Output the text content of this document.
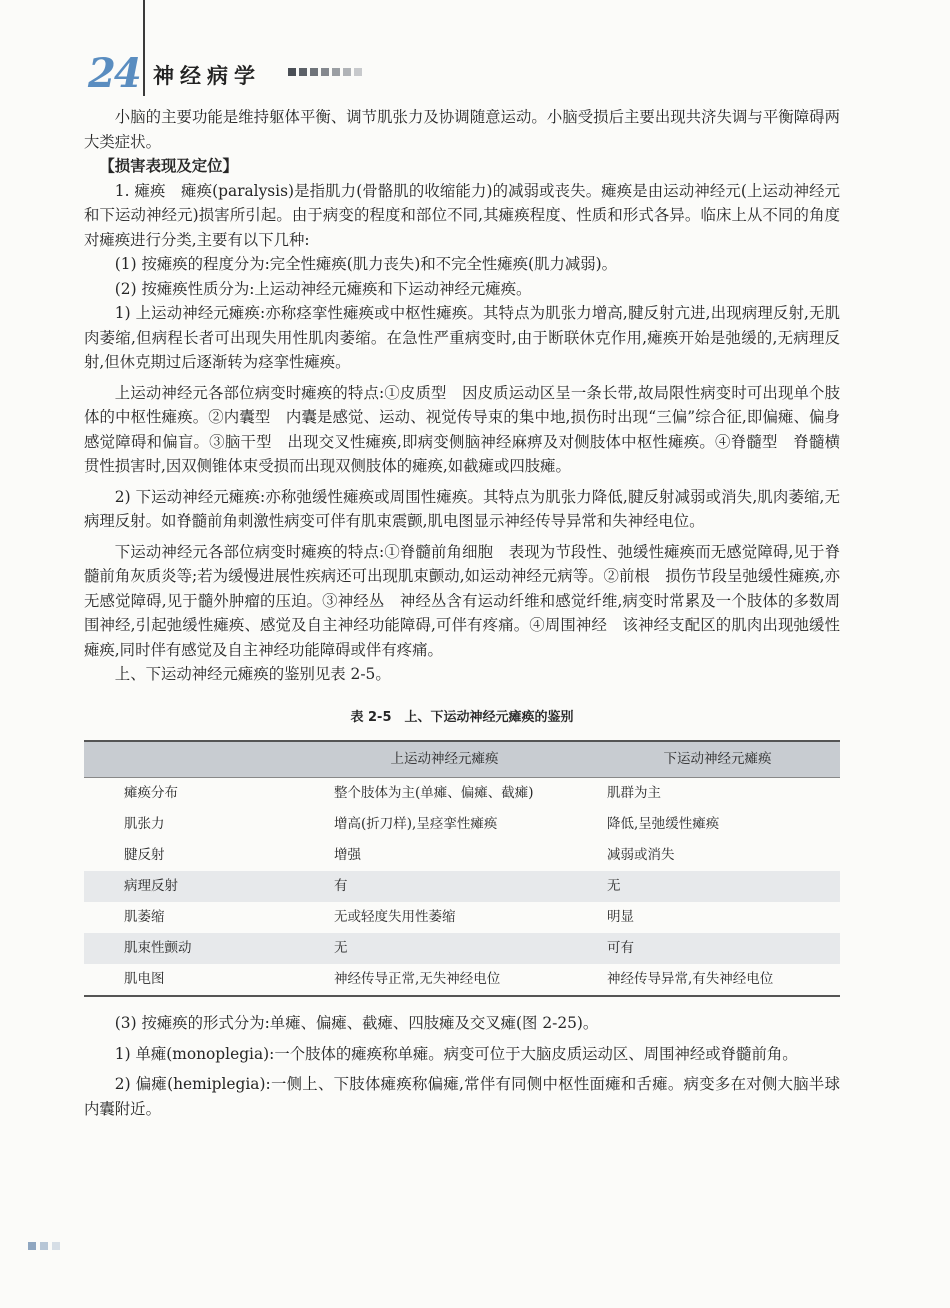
24 神经病学

小脑的主要功能是维持躯体平衡、调节肌张力及协调随意运动。小脑受损后主要出现共济失调与平衡障碍两大类症状。

【损害表现及定位】

1. 瘫痪　瘫痪(paralysis)是指肌力(骨骼肌的收缩能力)的减弱或丧失。瘫痪是由运动神经元(上运动神经元和下运动神经元)损害所引起。由于病变的程度和部位不同,其瘫痪程度、性质和形式各异。临床上从不同的角度对瘫痪进行分类,主要有以下几种:

(1) 按瘫痪的程度分为:完全性瘫痪(肌力丧失)和不完全性瘫痪(肌力减弱)。

(2) 按瘫痪性质分为:上运动神经元瘫痪和下运动神经元瘫痪。

1) 上运动神经元瘫痪:亦称痉挛性瘫痪或中枢性瘫痪。其特点为肌张力增高,腱反射亢进,出现病理反射,无肌肉萎缩,但病程长者可出现失用性肌肉萎缩。在急性严重病变时,由于断联休克作用,瘫痪开始是弛缓的,无病理反射,但休克期过后逐渐转为痉挛性瘫痪。

上运动神经元各部位病变时瘫痪的特点:①皮质型　因皮质运动区呈一条长带,故局限性病变时可出现单个肢体的中枢性瘫痪。②内囊型　内囊是感觉、运动、视觉传导束的集中地,损伤时出现“三偏”综合征,即偏瘫、偏身感觉障碍和偏盲。③脑干型　出现交叉性瘫痪,即病变侧脑神经麻痹及对侧肢体中枢性瘫痪。④脊髓型　脊髓横贯性损害时,因双侧锥体束受损而出现双侧肢体的瘫痪,如截瘫或四肢瘫。

2) 下运动神经元瘫痪:亦称弛缓性瘫痪或周围性瘫痪。其特点为肌张力降低,腱反射减弱或消失,肌肉萎缩,无病理反射。如脊髓前角刺激性病变可伴有肌束震颤,肌电图显示神经传导异常和失神经电位。

下运动神经元各部位病变时瘫痪的特点:①脊髓前角细胞　表现为节段性、弛缓性瘫痪而无感觉障碍,见于脊髓前角灰质炎等;若为缓慢进展性疾病还可出现肌束颤动,如运动神经元病等。②前根　损伤节段呈弛缓性瘫痪,亦无感觉障碍,见于髓外肿瘤的压迫。③神经丛　神经丛含有运动纤维和感觉纤维,病变时常累及一个肢体的多数周围神经,引起弛缓性瘫痪、感觉及自主神经功能障碍,可伴有疼痛。④周围神经　该神经支配区的肌肉出现弛缓性瘫痪,同时伴有感觉及自主神经功能障碍或伴有疼痛。

上、下运动神经元瘫痪的鉴别见表 2-5。

表 2-5　上、下运动神经元瘫痪的鉴别
	上运动神经元瘫痪	下运动神经元瘫痪
瘫痪分布	整个肢体为主(单瘫、偏瘫、截瘫)	肌群为主
肌张力	增高(折刀样),呈痉挛性瘫痪	降低,呈弛缓性瘫痪
腱反射	增强	减弱或消失
病理反射	有	无
肌萎缩	无或轻度失用性萎缩	明显
肌束性颤动	无	可有
肌电图	神经传导正常,无失神经电位	神经传导异常,有失神经电位

(3) 按瘫痪的形式分为:单瘫、偏瘫、截瘫、四肢瘫及交叉瘫(图 2-25)。

1) 单瘫(monoplegia):一个肢体的瘫痪称单瘫。病变可位于大脑皮质运动区、周围神经或脊髓前角。

2) 偏瘫(hemiplegia):一侧上、下肢体瘫痪称偏瘫,常伴有同侧中枢性面瘫和舌瘫。病变多在对侧大脑半球内囊附近。
